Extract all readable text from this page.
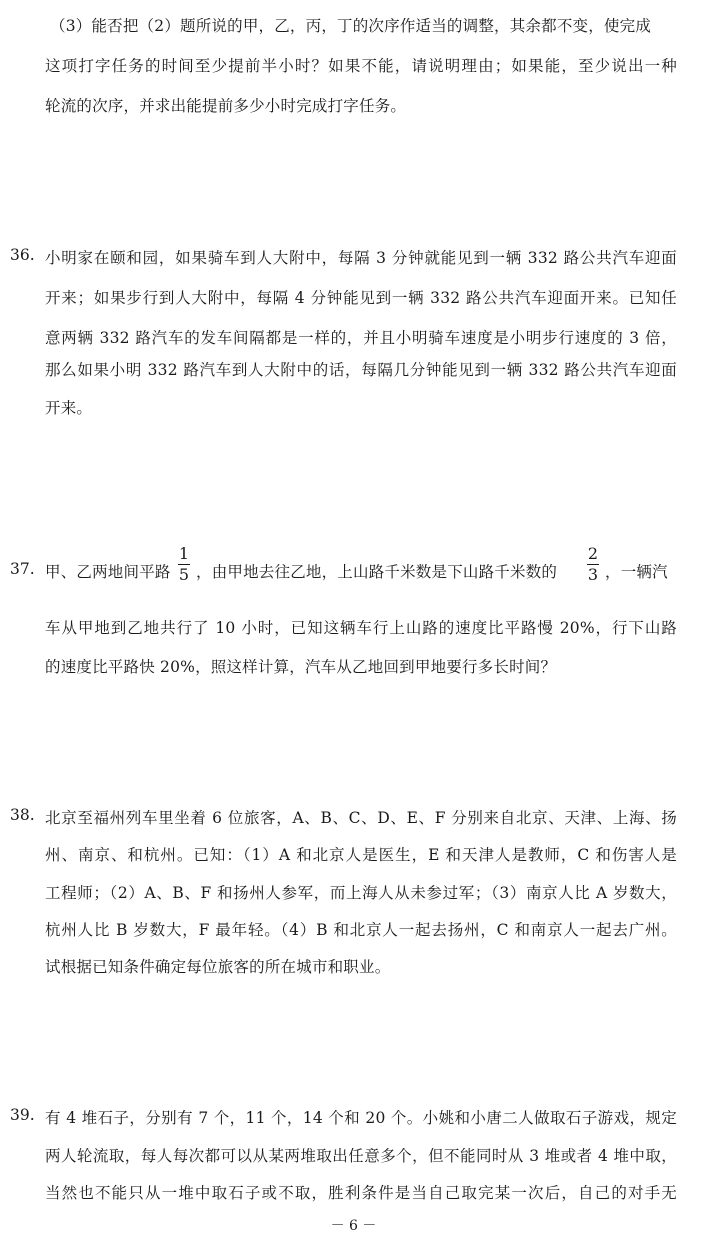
（3）能否把（2）题所说的甲，乙，丙，丁的次序作适当的调整，其余都不变，使完成
这项打字任务的时间至少提前半小时？如果不能，请说明理由；如果能，至少说出一种
轮流的次序，并求出能提前多少小时完成打字任务。
36. 小明家在颐和园，如果骑车到人大附中，每隔 3 分钟就能见到一辆 332 路公共汽车迎面
开来；如果步行到人大附中，每隔 4 分钟能见到一辆 332 路公共汽车迎面开来。已知任
意两辆 332 路汽车的发车间隔都是一样的，并且小明骑车速度是小明步行速度的 3 倍，
那么如果小明 332 路汽车到人大附中的话，每隔几分钟能见到一辆 332 路公共汽车迎面
开来。
37. 甲、乙两地间平路
1
5 ，由甲地去往乙地，上山路千米数是下山路千米数的
2
3 ，一辆汽
车从甲地到乙地共行了 10 小时，已知这辆车行上山路的速度比平路慢 20%，行下山路
的速度比平路快 20%，照这样计算，汽车从乙地回到甲地要行多长时间？
38. 北京至福州列车里坐着 6 位旅客，A、B、C、D、E、F 分别来自北京、天津、上海、扬
州、南京、和杭州。已知：（1）A 和北京人是医生，E 和天津人是教师，C 和伤害人是
工程师；（2）A、B、F 和扬州人参军，而上海人从未参过军；（3）南京人比 A 岁数大，
杭州人比 B 岁数大，F 最年轻。（4）B 和北京人一起去扬州，C 和南京人一起去广州。
试根据已知条件确定每位旅客的所在城市和职业。
39. 有 4 堆石子，分别有 7 个，11 个，14 个和 20 个。小姚和小唐二人做取石子游戏，规定
两人轮流取，每人每次都可以从某两堆取出任意多个，但不能同时从 3 堆或者 4 堆中取，
当然也不能只从一堆中取石子或不取，胜利条件是当自己取完某一次后，自己的对手无
－ 6 －
